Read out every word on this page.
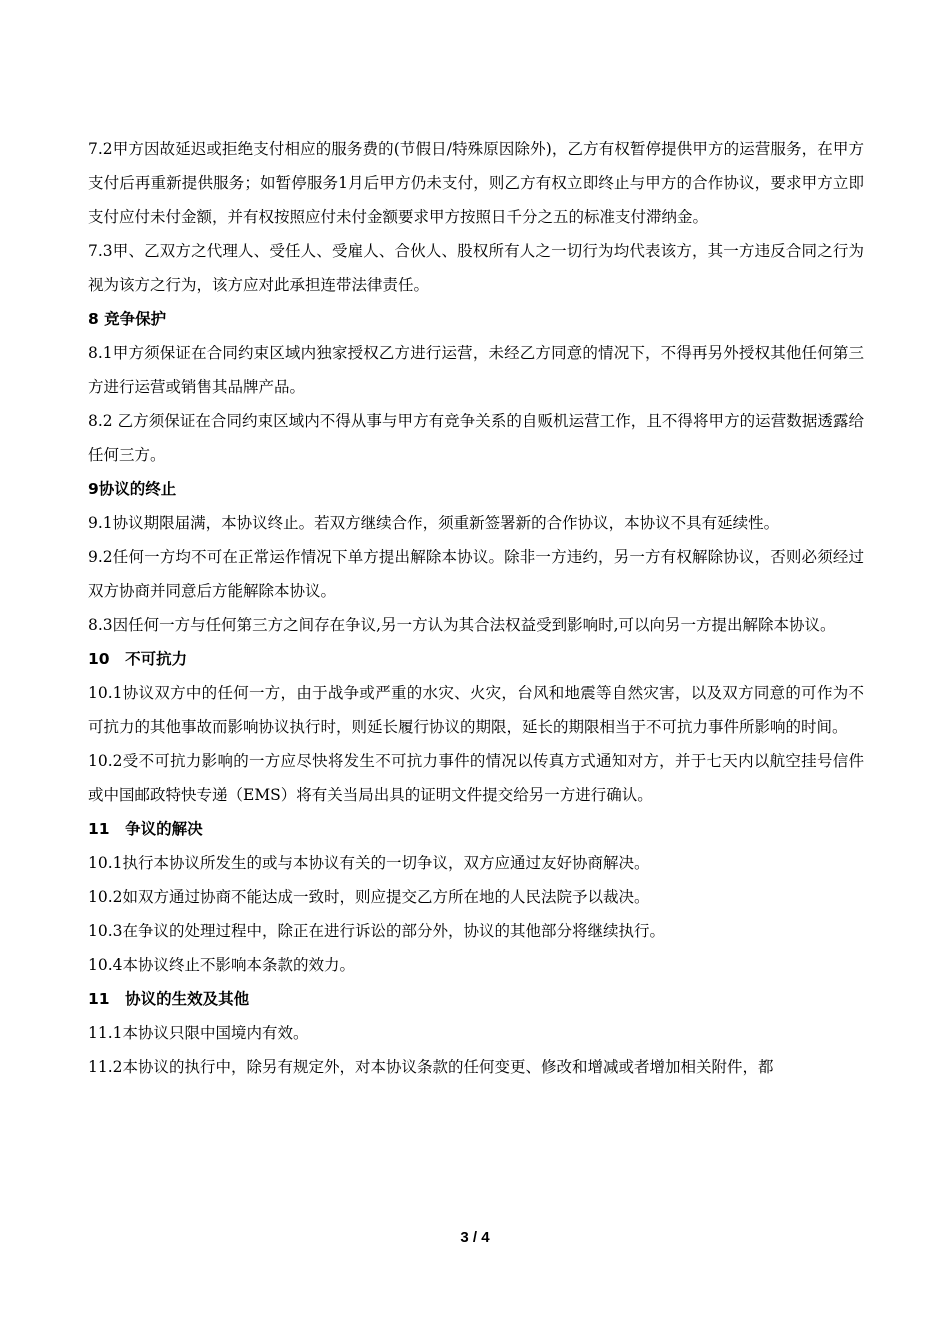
7.2甲方因故延迟或拒绝支付相应的服务费的(节假日/特殊原因除外)，乙方有权暂停提供甲方的运营服务，在甲方支付后再重新提供服务；如暂停服务1月后甲方仍未支付，则乙方有权立即终止与甲方的合作协议，要求甲方立即支付应付未付金额，并有权按照应付未付金额要求甲方按照日千分之五的标准支付滞纳金。

7.3甲、乙双方之代理人、受任人、受雇人、合伙人、股权所有人之一切行为均代表该方，其一方违反合同之行为视为该方之行为，该方应对此承担连带法律责任。

8 竞争保护

8.1甲方须保证在合同约束区域内独家授权乙方进行运营，未经乙方同意的情况下，不得再另外授权其他任何第三方进行运营或销售其品牌产品。

8.2 乙方须保证在合同约束区域内不得从事与甲方有竞争关系的自贩机运营工作，且不得将甲方的运营数据透露给任何三方。

9协议的终止

9.1协议期限届满，本协议终止。若双方继续合作，须重新签署新的合作协议，本协议不具有延续性。

9.2任何一方均不可在正常运作情况下单方提出解除本协议。除非一方违约，另一方有权解除协议，否则必须经过双方协商并同意后方能解除本协议。

8.3因任何一方与任何第三方之间存在争议,另一方认为其合法权益受到影响时,可以向另一方提出解除本协议。

10　不可抗力

10.1协议双方中的任何一方，由于战争或严重的水灾、火灾，台风和地震等自然灾害，以及双方同意的可作为不可抗力的其他事故而影响协议执行时，则延长履行协议的期限，延长的期限相当于不可抗力事件所影响的时间。

10.2受不可抗力影响的一方应尽快将发生不可抗力事件的情况以传真方式通知对方，并于七天内以航空挂号信件或中国邮政特快专递（EMS）将有关当局出具的证明文件提交给另一方进行确认。

11　争议的解决

10.1执行本协议所发生的或与本协议有关的一切争议，双方应通过友好协商解决。

10.2如双方通过协商不能达成一致时，则应提交乙方所在地的人民法院予以裁决。

10.3在争议的处理过程中，除正在进行诉讼的部分外，协议的其他部分将继续执行。

10.4本协议终止不影响本条款的效力。

11　协议的生效及其他

11.1本协议只限中国境内有效。

11.2本协议的执行中，除另有规定外，对本协议条款的任何变更、修改和增减或者增加相关附件，都

3 / 4
